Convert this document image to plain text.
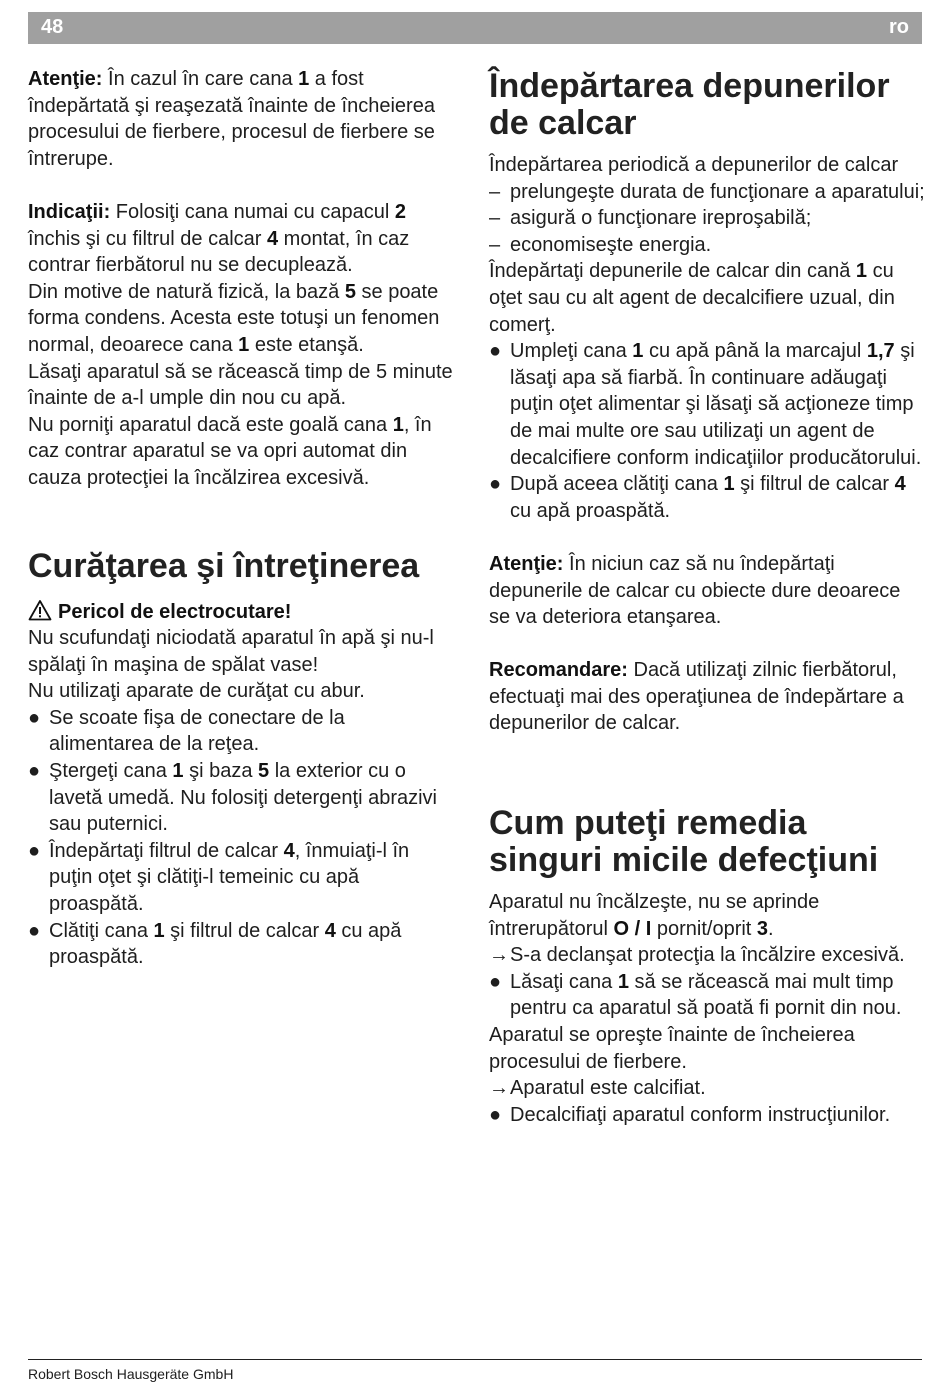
48	ro

Atenţie: În cazul în care cana 1 a fost îndepărtată şi reaşezată înainte de încheierea procesului de fierbere, procesul de fierbere se întrerupe.

Indicaţii: Folosiţi cana numai cu capacul 2 închis şi cu filtrul de calcar 4 montat, în caz contrar fierbătorul nu se decuplează.

Din motive de natură fizică, la bază 5 se poate forma condens. Acesta este totuşi un fenomen normal, deoarece cana 1 este etanşă.

Lăsaţi aparatul să se răcească timp de 5 minute înainte de a-l umple din nou cu apă.

Nu porniţi aparatul dacă este goală cana 1, în caz contrar aparatul se va opri automat din cauza protecţiei la încălzirea excesivă.

Curăţarea şi întreţinerea

Pericol de electrocutare!

Nu scufundaţi niciodată aparatul în apă şi nu-l spălaţi în maşina de spălat vase!

Nu utilizaţi aparate de curăţat cu abur.

● Se scoate fişa de conectare de la alimentarea de la reţea.
● Ştergeţi cana 1 şi baza 5 la exterior cu o lavetă umedă. Nu folosiţi detergenţi abrazivi sau puternici.
● Îndepărtaţi filtrul de calcar 4, înmuiaţi-l în puţin oţet şi clătiţi-l temeinic cu apă proaspătă.
● Clătiţi cana 1 şi filtrul de calcar 4 cu apă proaspătă.
Îndepărtarea depunerilor de calcar

Îndepărtarea periodică a depunerilor de calcar

– prelungeşte durata de funcţionare a aparatului;
– asigură o funcţionare ireproşabilă;
– economiseşte energia.

Îndepărtaţi depunerile de calcar din cană 1 cu oţet sau cu alt agent de decalcifiere uzual, din comerţ.

● Umpleţi cana 1 cu apă până la marcajul 1,7 şi lăsaţi apa să fiarbă. În continuare adăugaţi puţin oţet alimentar şi lăsaţi să acţioneze timp de mai multe ore sau utilizaţi un agent de decalcifiere conform indicaţiilor producătorului.
● După aceea clătiţi cana 1 şi filtrul de calcar 4 cu apă proaspătă.

Atenţie: În niciun caz să nu îndepărtaţi depunerile de calcar cu obiecte dure deoarece se va deteriora etanşarea.

Recomandare: Dacă utilizaţi zilnic fierbătorul, efectuaţi mai des operaţiunea de îndepărtare a depunerilor de calcar.

Cum puteţi remedia singuri micile defecţiuni

Aparatul nu încălzeşte, nu se aprinde întrerupătorul O / I pornit/oprit 3.

→ S-a declanşat protecţia la încălzire excesivă.
● Lăsaţi cana 1 să se răcească mai mult timp pentru ca aparatul să poată fi pornit din nou.

Aparatul se opreşte înainte de încheierea procesului de fierbere.

→ Aparatul este calcifiat.
● Decalcifiaţi aparatul conform instrucţiunilor.
Robert Bosch Hausgeräte GmbH
